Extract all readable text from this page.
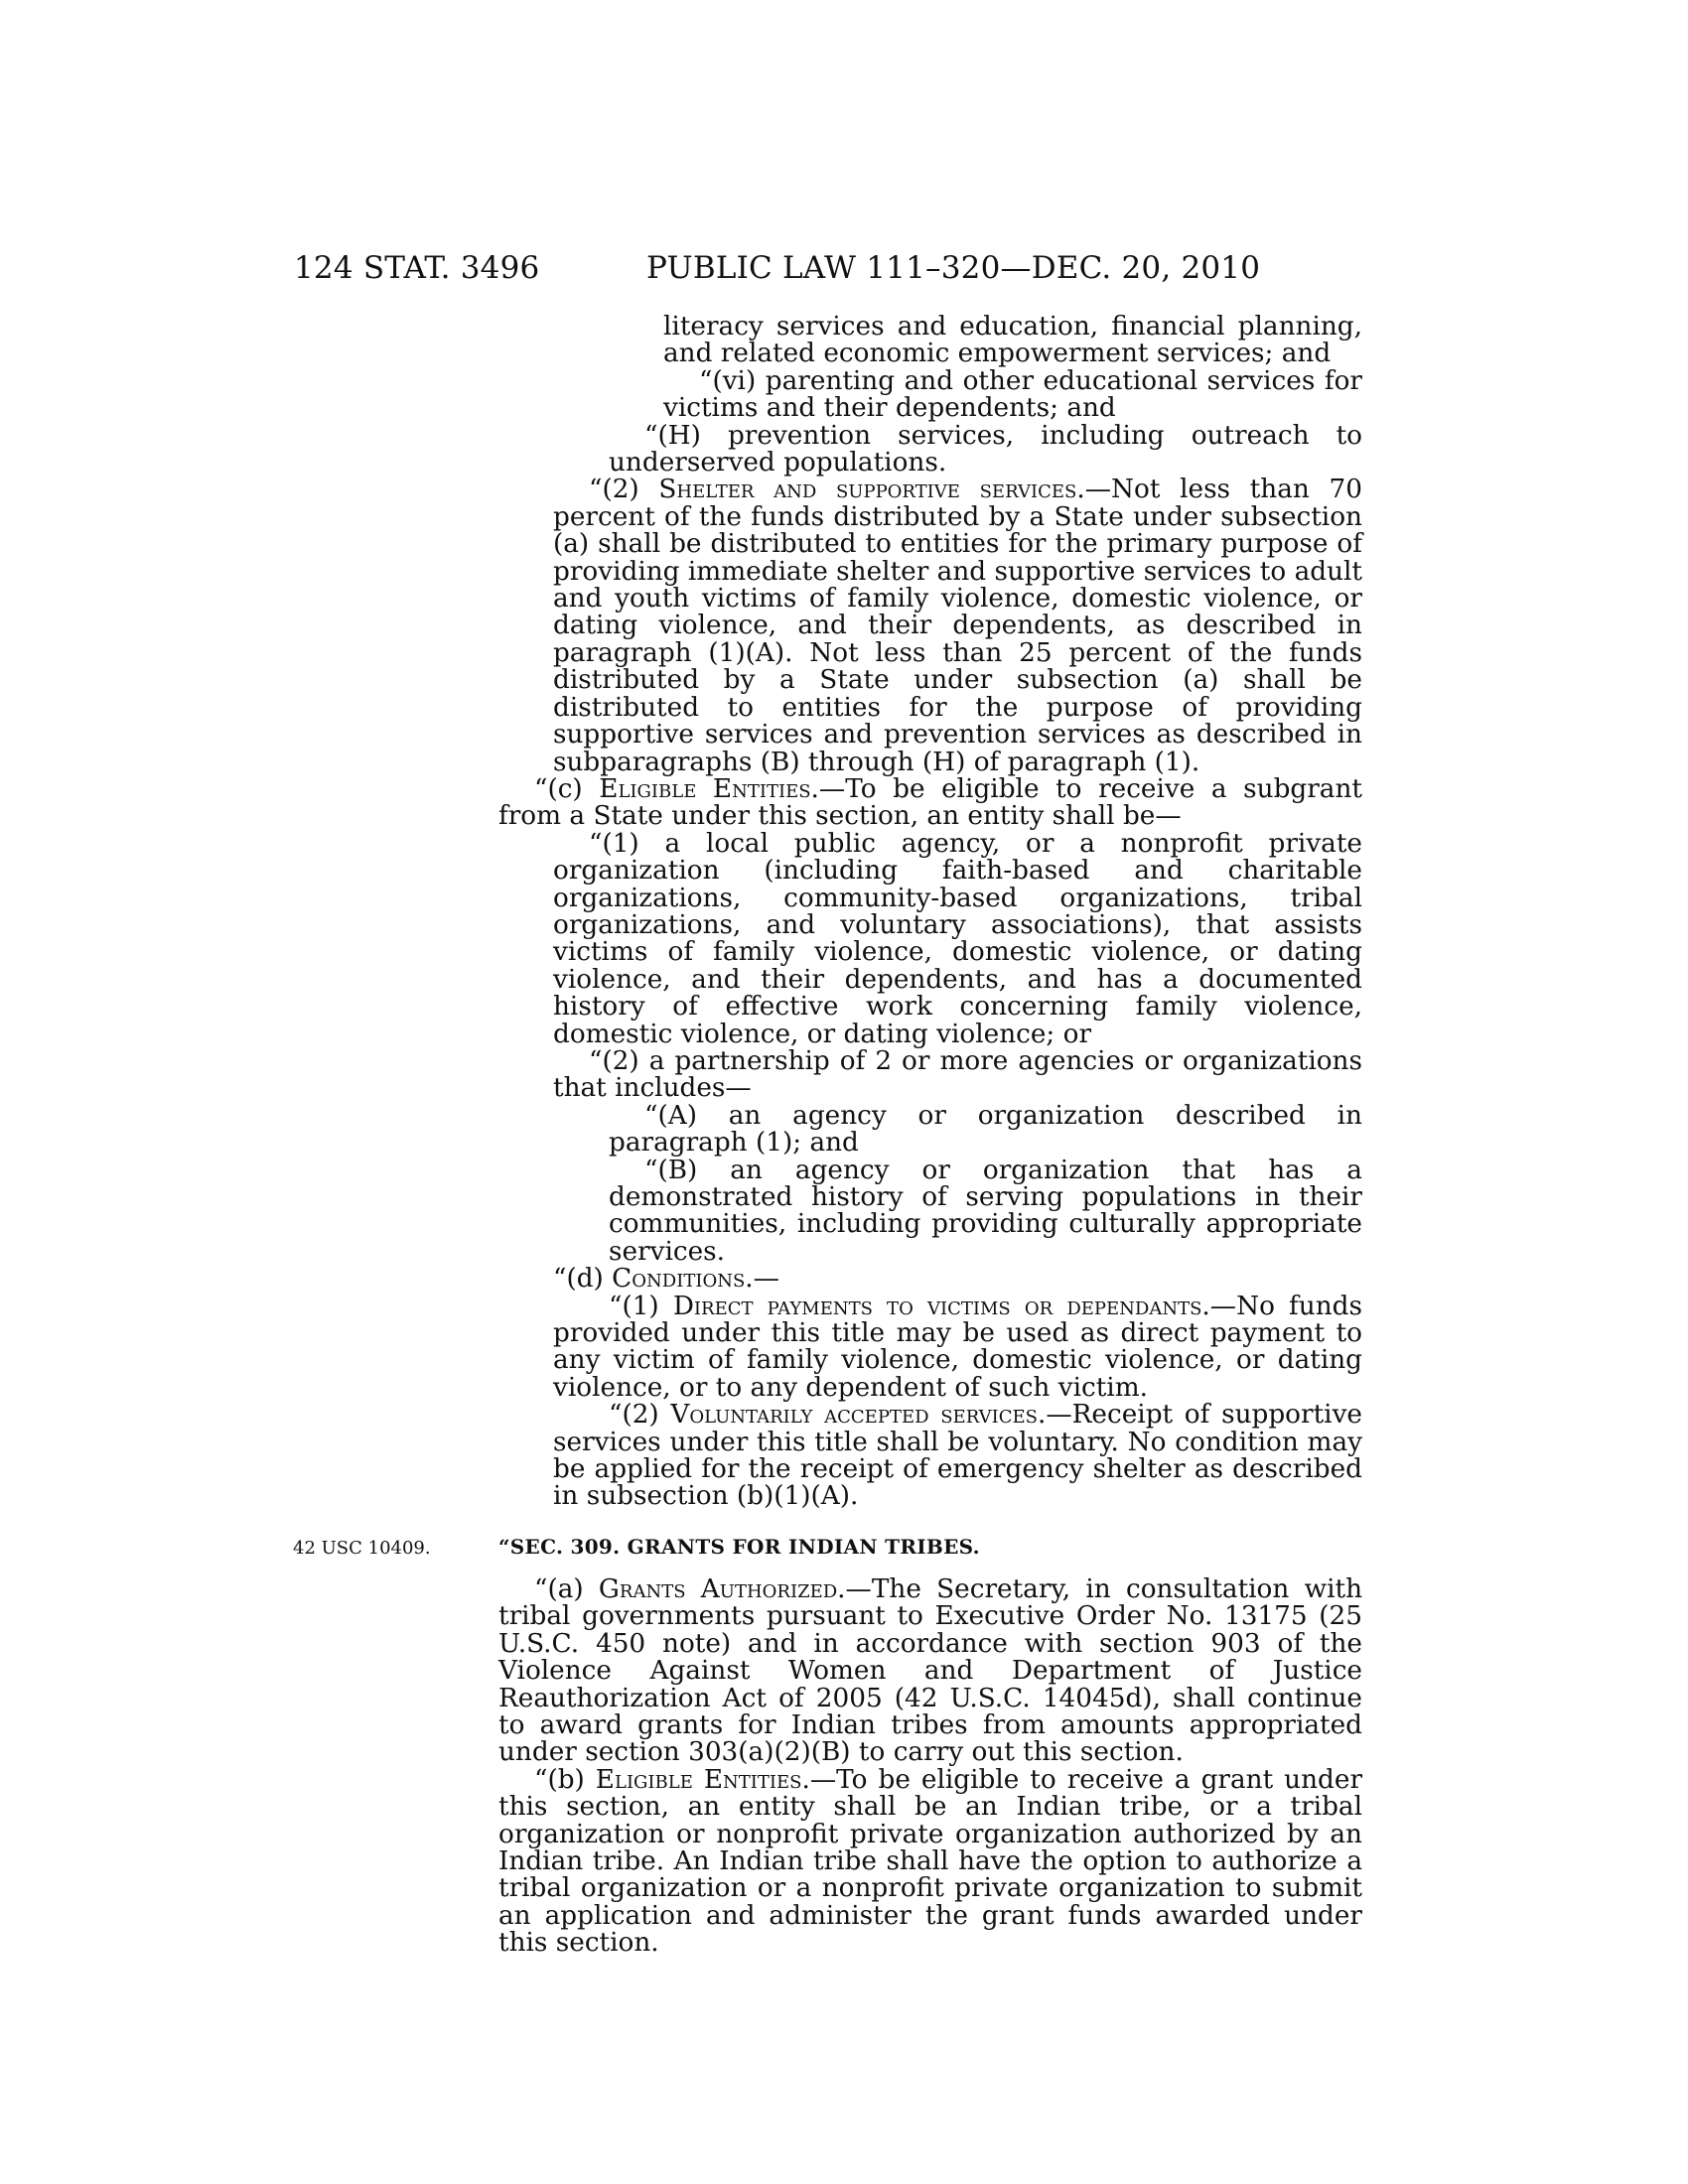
124 STAT. 3496	PUBLIC LAW 111–320—DEC. 20, 2010

literacy services and education, financial planning, and related economic empowerment services; and

“(vi) parenting and other educational services for victims and their dependents; and

“(H) prevention services, including outreach to underserved populations.

“(2) Shelter and supportive services.—Not less than 70 percent of the funds distributed by a State under subsection (a) shall be distributed to entities for the primary purpose of providing immediate shelter and supportive services to adult and youth victims of family violence, domestic violence, or dating violence, and their dependents, as described in paragraph (1)(A). Not less than 25 percent of the funds distributed by a State under subsection (a) shall be distributed to entities for the purpose of providing supportive services and prevention services as described in subparagraphs (B) through (H) of paragraph (1).

“(c) Eligible Entities.—To be eligible to receive a subgrant from a State under this section, an entity shall be—

“(1) a local public agency, or a nonprofit private organization (including faith-based and charitable organizations, community-based organizations, tribal organizations, and voluntary associations), that assists victims of family violence, domestic violence, or dating violence, and their dependents, and has a documented history of effective work concerning family violence, domestic violence, or dating violence; or

“(2) a partnership of 2 or more agencies or organizations that includes—

“(A) an agency or organization described in paragraph (1); and

“(B) an agency or organization that has a demonstrated history of serving populations in their communities, including providing culturally appropriate services.

“(d) Conditions.—

“(1) Direct payments to victims or dependants.—No funds provided under this title may be used as direct payment to any victim of family violence, domestic violence, or dating violence, or to any dependent of such victim.

“(2) Voluntarily accepted services.—Receipt of supportive services under this title shall be voluntary. No condition may be applied for the receipt of emergency shelter as described in subsection (b)(1)(A).

42 USC 10409.	“SEC. 309. GRANTS FOR INDIAN TRIBES.

“(a) Grants Authorized.—The Secretary, in consultation with tribal governments pursuant to Executive Order No. 13175 (25 U.S.C. 450 note) and in accordance with section 903 of the Violence Against Women and Department of Justice Reauthorization Act of 2005 (42 U.S.C. 14045d), shall continue to award grants for Indian tribes from amounts appropriated under section 303(a)(2)(B) to carry out this section.

“(b) Eligible Entities.—To be eligible to receive a grant under this section, an entity shall be an Indian tribe, or a tribal organization or nonprofit private organization authorized by an Indian tribe. An Indian tribe shall have the option to authorize a tribal organization or a nonprofit private organization to submit an application and administer the grant funds awarded under this section.
